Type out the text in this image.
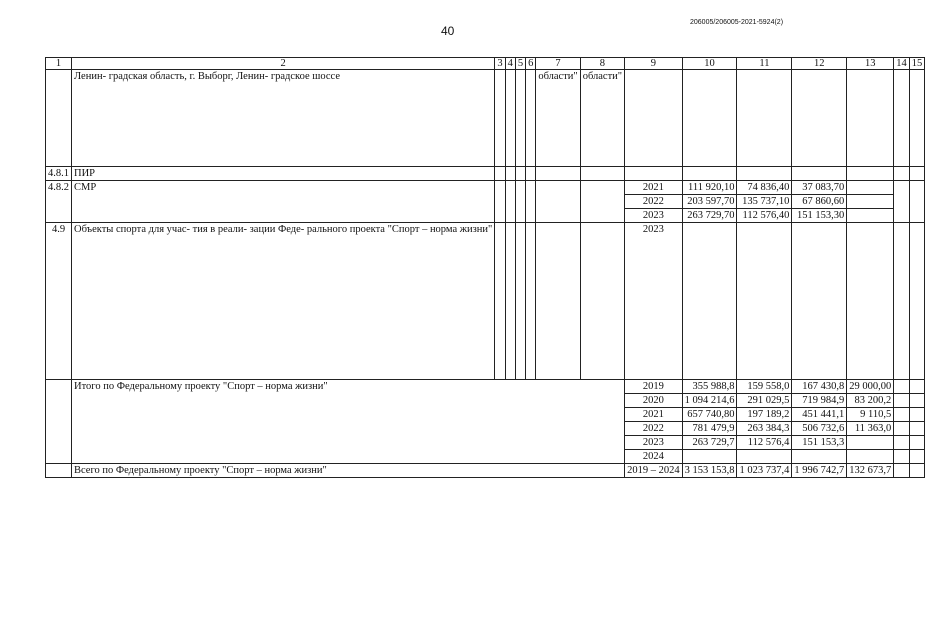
40
206005/206005-2021-5924(2)
1	2	3	4	5	6	7	8	9	10	11	12	13	14	15
	Ленин- градская область, г. Выборг, Ленин- градское шоссе					области"	области"							
4.8.1	ПИР													
4.8.2	СМР							2021	111 920,10	74 836,40	37 083,70			
								2022	203 597,70	135 737,10	67 860,60			
								2023	263 729,70	112 576,40	151 153,30			
4.9	Объекты спорта для учас- тия в реали- зации Феде- рального проекта "Спорт – норма жизни"							2023						
	Итого по Федеральному проекту "Спорт – норма жизни"							2019	355 988,8	159 558,0	167 430,8	29 000,00		
								2020	1 094 214,6	291 029,5	719 984,9	83 200,2		
								2021	657 740,80	197 189,2	451 441,1	9 110,5		
								2022	781 479,9	263 384,3	506 732,6	11 363,0		
								2023	263 729,7	112 576,4	151 153,3			
								2024						
	Всего по Федеральному проекту "Спорт – норма жизни"							2019 – 2024	3 153 153,8	1 023 737,4	1 996 742,7	132 673,7		
